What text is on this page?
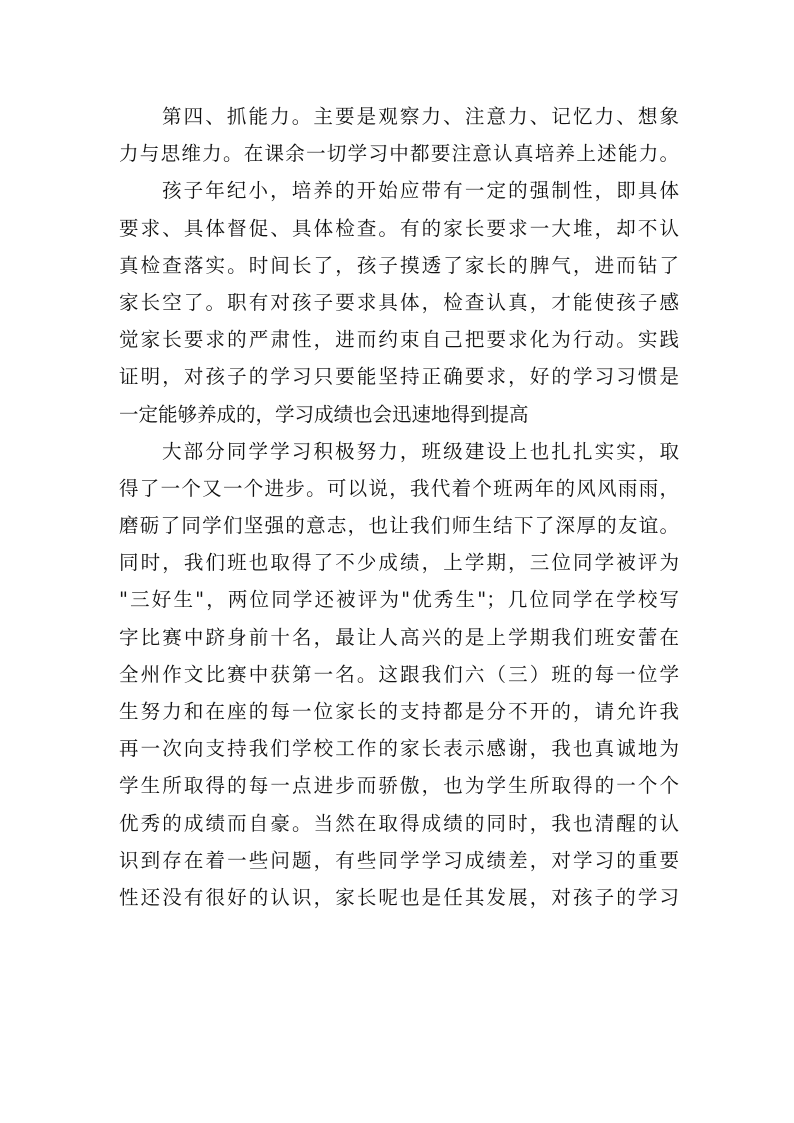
第四、抓能力。主要是观察力、注意力、记忆力、想象
力与思维力。在课余一切学习中都要注意认真培养上述能力。
孩子年纪小，培养的开始应带有一定的强制性，即具体
要求、具体督促、具体检查。有的家长要求一大堆，却不认
真检查落实。时间长了，孩子摸透了家长的脾气，进而钻了
家长空了。职有对孩子要求具体，检查认真，才能使孩子感
觉家长要求的严肃性，进而约束自己把要求化为行动。实践
证明，对孩子的学习只要能坚持正确要求，好的学习习惯是
一定能够养成的，学习成绩也会迅速地得到提高
大部分同学学习积极努力，班级建设上也扎扎实实，取
得了一个又一个进步。可以说，我代着个班两年的风风雨雨，
磨砺了同学们坚强的意志，也让我们师生结下了深厚的友谊。
同时，我们班也取得了不少成绩，上学期，三位同学被评为
"三好生"，两位同学还被评为"优秀生"；几位同学在学校写
字比赛中跻身前十名，最让人高兴的是上学期我们班安蕾在
全州作文比赛中获第一名。这跟我们六（三）班的每一位学
生努力和在座的每一位家长的支持都是分不开的，请允许我
再一次向支持我们学校工作的家长表示感谢，我也真诚地为
学生所取得的每一点进步而骄傲，也为学生所取得的一个个
优秀的成绩而自豪。当然在取得成绩的同时，我也清醒的认
识到存在着一些问题，有些同学学习成绩差，对学习的重要
性还没有很好的认识，家长呢也是任其发展，对孩子的学习
